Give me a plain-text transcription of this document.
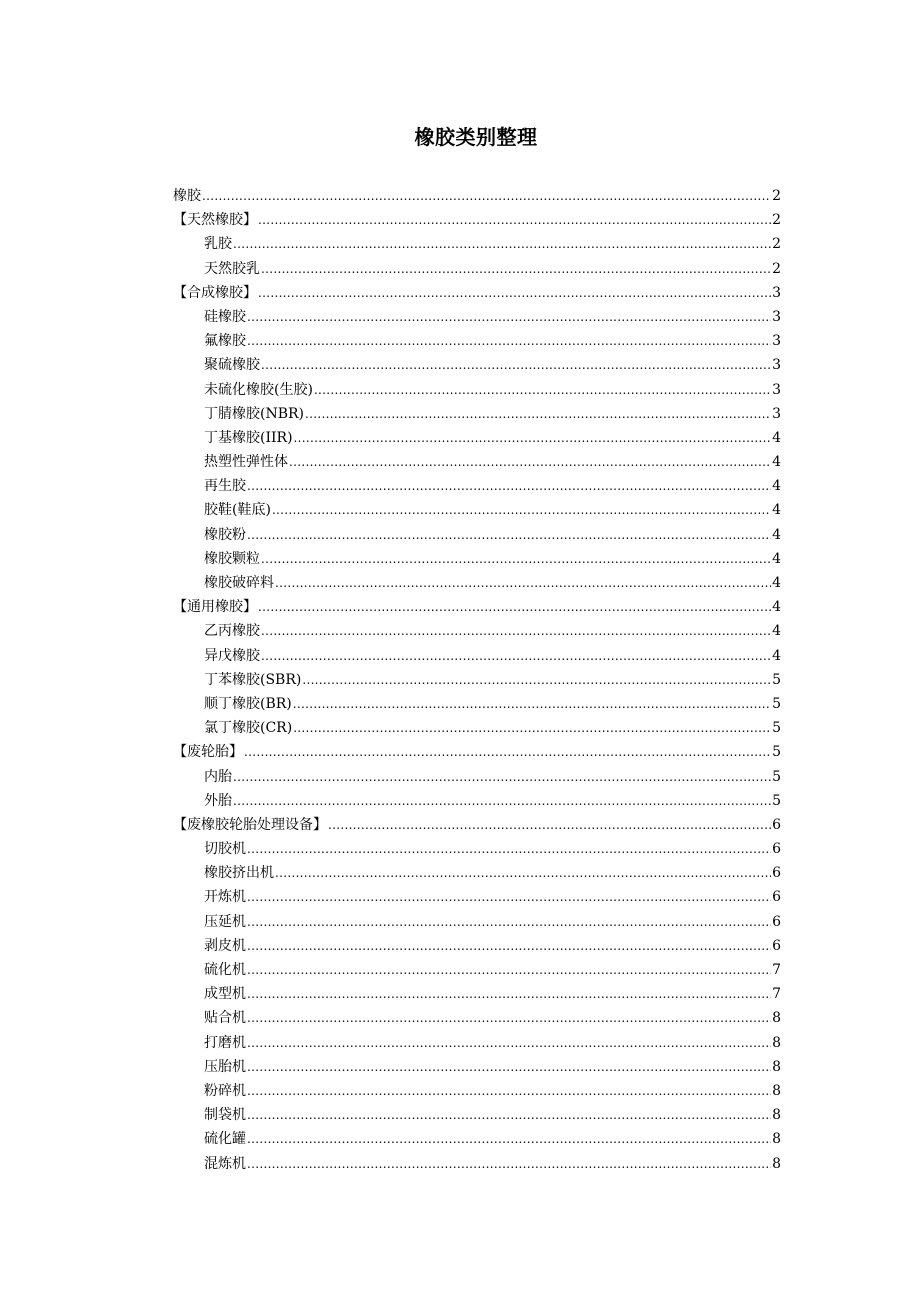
橡胶类别整理
橡胶 .....	2
【天然橡胶】 .....	2
乳胶 .....	2
天然胶乳 .....	2
【合成橡胶】 .....	3
硅橡胶 .....	3
氟橡胶 .....	3
聚硫橡胶 .....	3
未硫化橡胶(生胶) .....	3
丁腈橡胶(NBR) .....	3
丁基橡胶(IIR) .....	4
热塑性弹性体 .....	4
再生胶 .....	4
胶鞋(鞋底) .....	4
橡胶粉 .....	4
橡胶颗粒 .....	4
橡胶破碎料 .....	4
【通用橡胶】 .....	4
乙丙橡胶 .....	4
异戊橡胶 .....	4
丁苯橡胶(SBR) .....	5
顺丁橡胶(BR) .....	5
氯丁橡胶(CR) .....	5
【废轮胎】 .....	5
内胎 .....	5
外胎 .....	5
【废橡胶轮胎处理设备】 .....	6
切胶机 .....	6
橡胶挤出机 .....	6
开炼机 .....	6
压延机 .....	6
剥皮机 .....	6
硫化机 .....	7
成型机 .....	7
贴合机 .....	8
打磨机 .....	8
压胎机 .....	8
粉碎机 .....	8
制袋机 .....	8
硫化罐 .....	8
混炼机 .....	8
